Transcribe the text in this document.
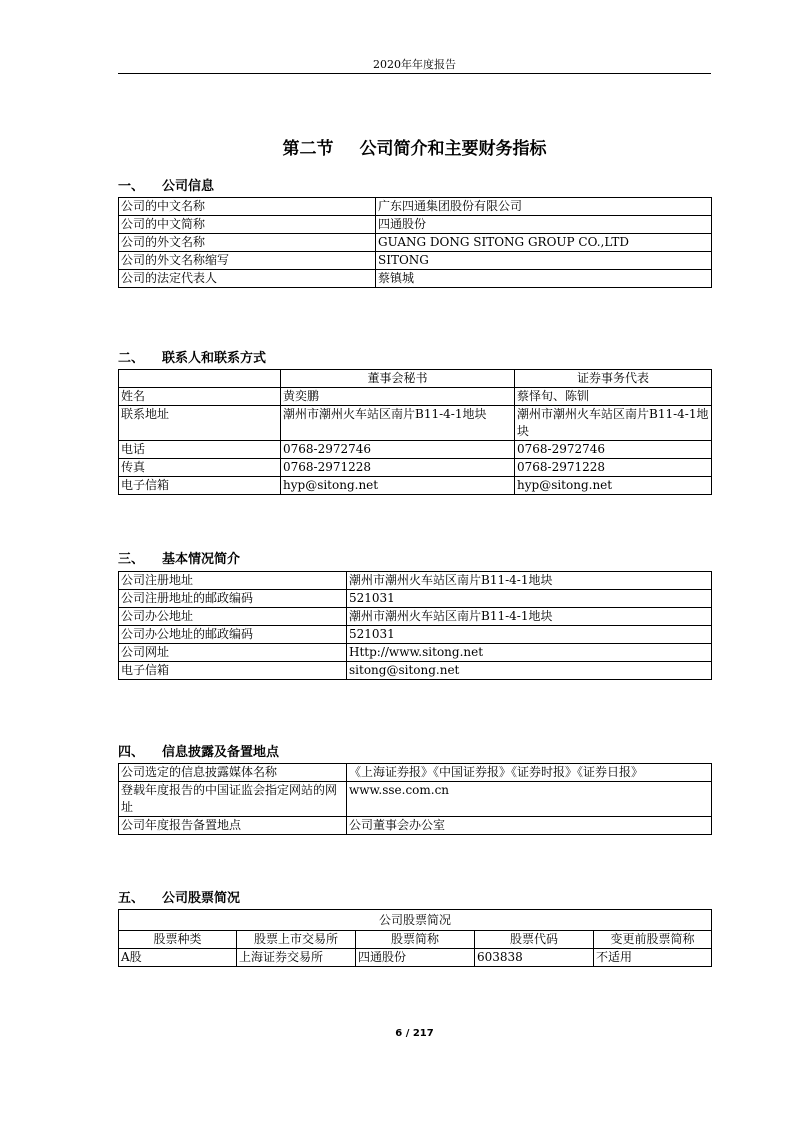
2020年年度报告
第二节 公司简介和主要财务指标
一、 公司信息
公司的中文名称	广东四通集团股份有限公司
公司的中文简称	四通股份
公司的外文名称	GUANG DONG SITONG GROUP CO.,LTD
公司的外文名称缩写	SITONG
公司的法定代表人	蔡镇城
二、 联系人和联系方式
	董事会秘书	证券事务代表
姓名	黄奕鹏	蔡怿旬、陈钏
联系地址	潮州市潮州火车站区南片B11-4-1地块	潮州市潮州火车站区南片B11-4-1地块
电话	0768-2972746	0768-2972746
传真	0768-2971228	0768-2971228
电子信箱	hyp@sitong.net	hyp@sitong.net
三、 基本情况简介
公司注册地址	潮州市潮州火车站区南片B11-4-1地块
公司注册地址的邮政编码	521031
公司办公地址	潮州市潮州火车站区南片B11-4-1地块
公司办公地址的邮政编码	521031
公司网址	Http://www.sitong.net
电子信箱	sitong@sitong.net
四、 信息披露及备置地点
公司选定的信息披露媒体名称	《上海证券报》《中国证券报》《证券时报》《证券日报》
登载年度报告的中国证监会指定网站的网址	www.sse.com.cn
公司年度报告备置地点	公司董事会办公室
五、 公司股票简况
公司股票简况				
股票种类	股票上市交易所	股票简称	股票代码	变更前股票简称
A股	上海证券交易所	四通股份	603838	不适用
6 / 217
